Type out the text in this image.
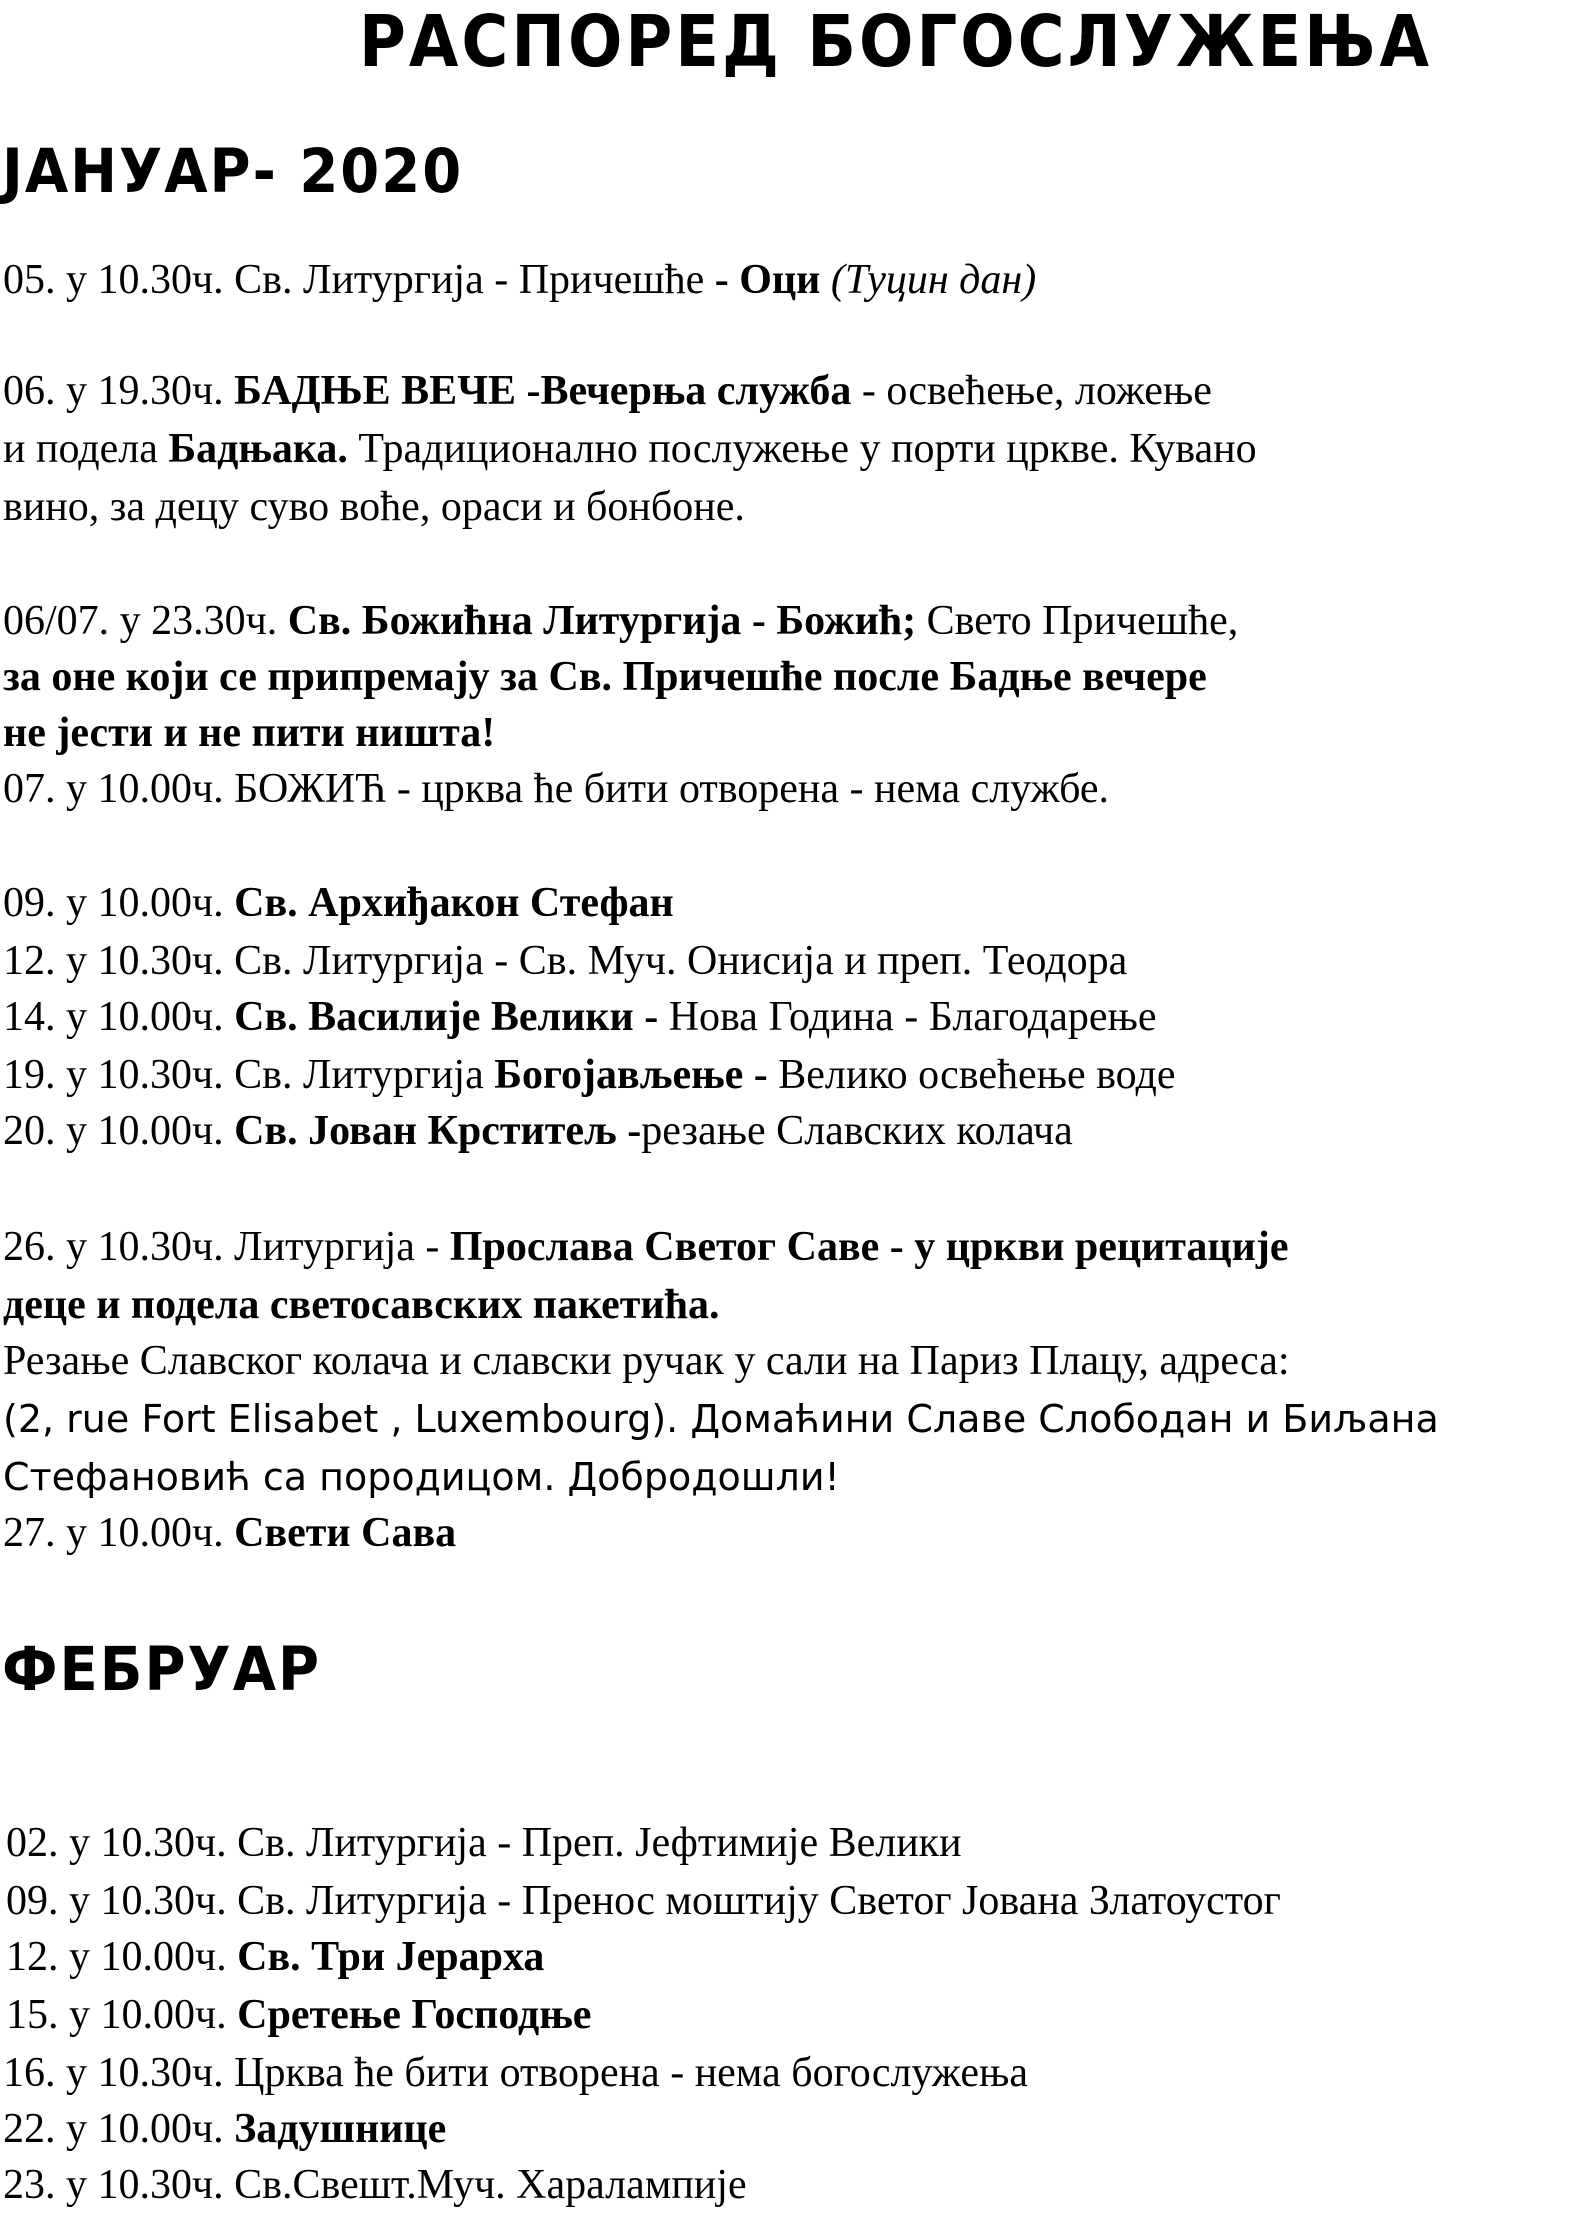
РАСПОРЕД БОГОСЛУЖЕЊА
ЈАНУАР- 2020
05. у 10.30ч. Св. Литургија - Причешће - Оци (Туцин дан)
06. у 19.30ч. БАДЊЕ ВЕЧЕ -Вечерња служба - освећење, ложење
и подела Бадњака. Традиционално послужење у порти цркве. Кувано
вино, за децу суво воће, ораси и бонбоне.
06/07. у 23.30ч. Св. Божићна Литургија - Божић; Свето Причешће,
за оне који се припремају за Св. Причешће после Бадње вечере
не јести и не пити ништа!
07. у 10.00ч. БОЖИЋ - црква ће бити отворена - нема службе.
09. у 10.00ч. Св. Архиђакон Стефан
12. у 10.30ч. Св. Литургија - Св. Муч. Онисија и преп. Теодора
14. у 10.00ч. Св. Василије Велики - Нова Година - Благодарење
19. у 10.30ч. Св. Литургија Богојављење - Велико освећење воде
20. у 10.00ч. Св. Јован Крститељ -резање Славских колача
26. у 10.30ч. Литургија - Прослава Светог Саве - у цркви рецитације
деце и подела светосавских пакетића.
Резање Славског колача и славски ручак у сали на Париз Плацу, адреса:
(2, rue Fort Elisabet , Luxembourg). Домаћини Славе Слободан и Биљана
Стефановић са породицом. Добродошли!
27. у 10.00ч. Свети Сава
ФЕБРУАР
02. у 10.30ч. Св. Литургија - Преп. Јефтимије Велики
09. у 10.30ч. Св. Литургија - Пренос моштију Светог Јована Златоустог
12. у 10.00ч. Св. Три Јерарха
15. у 10.00ч. Сретење Господње
16. у 10.30ч. Црква ће бити отворена - нема богослужења
22. у 10.00ч. Задушнице
23. у 10.30ч. Св.Свешт.Муч. Харалампије
